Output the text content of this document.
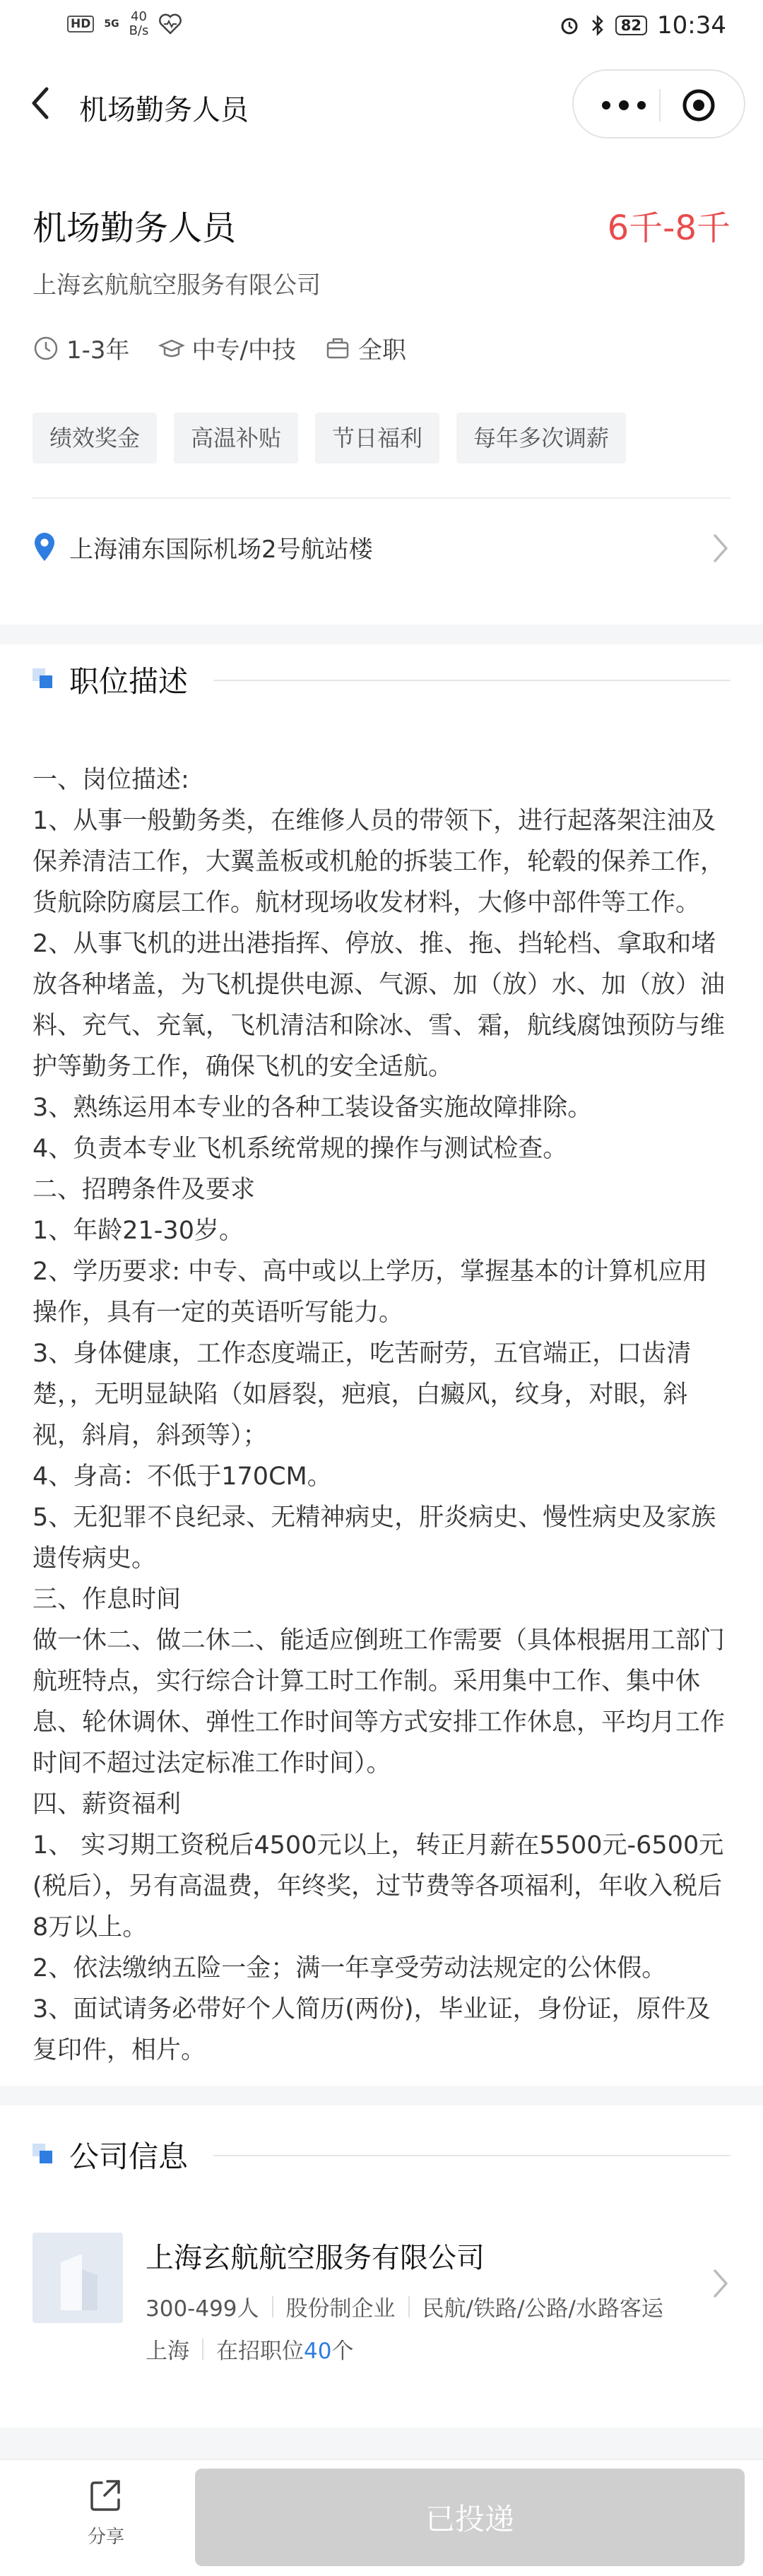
HD	5G 40
B/s	82 10:34
机场勤务人员
机场勤务人员	6千-8千
上海玄航航空服务有限公司
1-3年	中专/中技	全职
绩效奖金	高温补贴	节日福利	每年多次调薪
上海浦东国际机场2号航站楼
职位描述

一、岗位描述:

1、从事一般勤务类，在维修人员的带领下，进行起落架注油及保养清洁工作，大翼盖板或机舱的拆装工作，轮毂的保养工作，货航除防腐层工作。航材现场收发材料，大修中部件等工作。

2、从事飞机的进出港指挥、停放、推、拖、挡轮档、拿取和堵放各种堵盖，为飞机提供电源、气源、加（放）水、加（放）油料、充气、充氧，飞机清洁和除冰、雪、霜，航线腐蚀预防与维护等勤务工作，确保飞机的安全适航。

3、熟练运用本专业的各种工装设备实施故障排除。

4、负责本专业飞机系统常规的操作与测试检查。

二、招聘条件及要求

1、年龄21-30岁。

2、学历要求: 中专、高中或以上学历，掌握基本的计算机应用操作，具有一定的英语听写能力。

3、身体健康，工作态度端正，吃苦耐劳，五官端正，口齿清楚，，无明显缺陷（如唇裂，疤痕，白癜风，纹身，对眼，斜视，斜肩，斜颈等）；

4、身高：不低于170CM。

5、无犯罪不良纪录、无精神病史，肝炎病史、慢性病史及家族遗传病史。

三、作息时间

做一休二、做二休二、能适应倒班工作需要（具体根据用工部门航班特点，实行综合计算工时工作制。采用集中工作、集中休息、轮休调休、弹性工作时间等方式安排工作休息，平均月工作时间不超过法定标准工作时间）。

四、薪资福利

1、 实习期工资税后4500元以上，转正月薪在5500元-6500元(税后），另有高温费，年终奖，过节费等各项福利，年收入税后8万以上。

2、依法缴纳五险一金；满一年享受劳动法规定的公休假。

3、面试请务必带好个人简历(两份)，毕业证，身份证，原件及复印件，相片。

公司信息
上海玄航航空服务有限公司
300-499人 股份制企业 民航/铁路/公路/水路客运
上海 在招职位40个
分享
已投递
